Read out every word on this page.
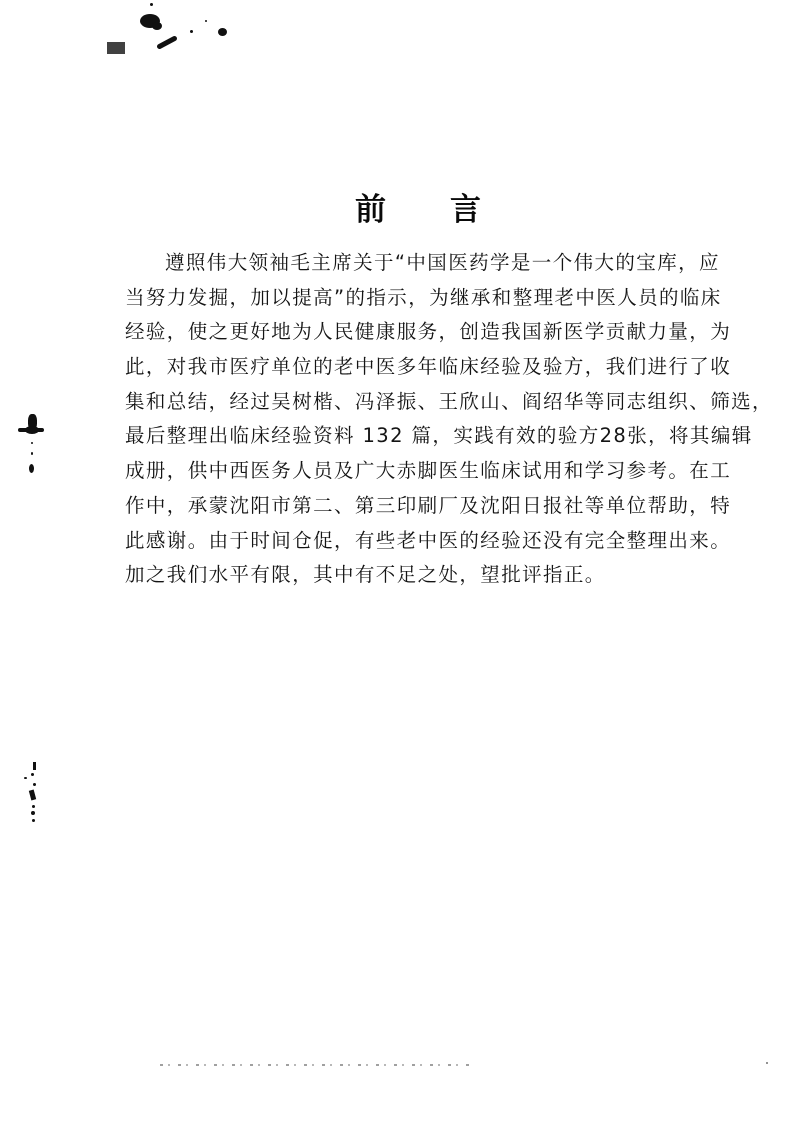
前 言
遵照伟大领袖毛主席关于“中国医药学是一个伟大的宝库，应
当努力发掘，加以提高”的指示，为继承和整理老中医人员的临床
经验，使之更好地为人民健康服务，创造我国新医学贡献力量，为
此，对我市医疗单位的老中医多年临床经验及验方，我们进行了收
集和总结，经过吴树楷、冯泽振、王欣山、阎绍华等同志组织、筛选，
最后整理出临床经验资料 132 篇，实践有效的验方28张，将其编辑
成册，供中西医务人员及广大赤脚医生临床试用和学习参考。在工
作中，承蒙沈阳市第二、第三印刷厂及沈阳日报社等单位帮助，特
此感谢。由于时间仓促，有些老中医的经验还没有完全整理出来。
加之我们水平有限，其中有不足之处，望批评指正。
